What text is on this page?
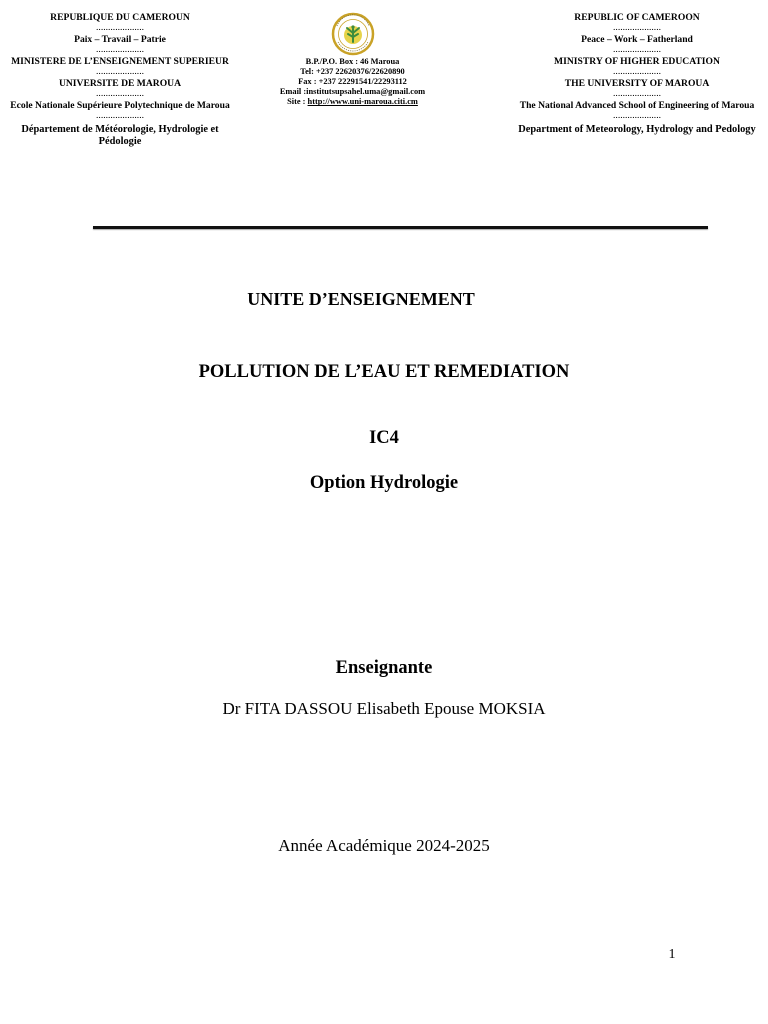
REPUBLIQUE DU CAMEROUN
....................
Paix – Travail – Patrie
....................
MINISTERE DE L’ENSEIGNEMENT SUPERIEUR
....................
UNIVERSITE DE MAROUA
....................
Ecole Nationale Supérieure Polytechnique de Maroua
....................
Département de Météorologie, Hydrologie et Pédologie
B.P./P.O. Box : 46 Maroua
Tel: +237 22620376/22620890
Fax : +237 22291541/22293112
Email :institutsupsahel.uma@gmail.com
Site : http://www.uni-maroua.citi.cm
REPUBLIC OF CAMEROON
....................
Peace – Work – Fatherland
....................
MINISTRY OF HIGHER EDUCATION
....................
THE UNIVERSITY OF MAROUA
....................
The National Advanced School of Engineering of Maroua
....................
Department of Meteorology, Hydrology and Pedology
UNITE D’ENSEIGNEMENT
POLLUTION DE L’EAU ET REMEDIATION
IC4
Option Hydrologie
Enseignante
Dr FITA DASSOU Elisabeth Epouse MOKSIA
Année Académique 2024-2025
1
